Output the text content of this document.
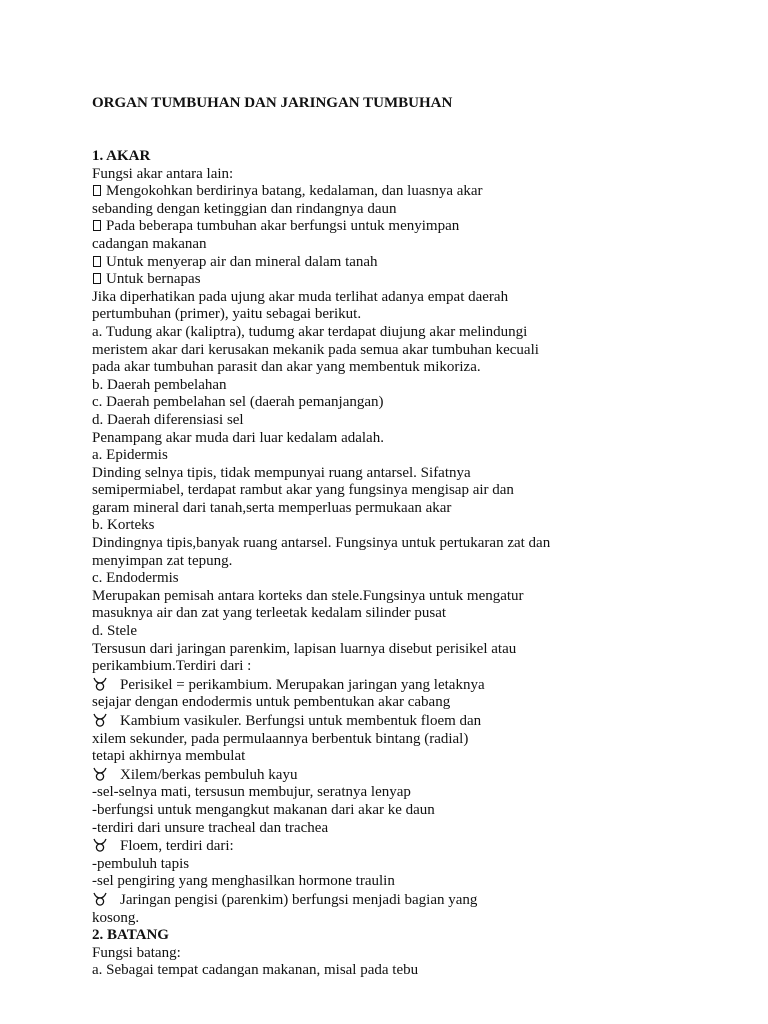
ORGAN TUMBUHAN DAN JARINGAN TUMBUHAN
1. AKAR
Fungsi akar antara lain:
Mengokohkan berdirinya batang, kedalaman, dan luasnya akar
sebanding dengan ketinggian dan rindangnya daun
Pada beberapa tumbuhan akar berfungsi untuk menyimpan
cadangan makanan
Untuk menyerap air dan mineral dalam tanah
Untuk bernapas
Jika diperhatikan pada ujung akar muda terlihat adanya empat daerah
pertumbuhan (primer), yaitu sebagai berikut.
a. Tudung akar (kaliptra), tudumg akar terdapat diujung akar melindungi
meristem akar dari kerusakan mekanik pada semua akar tumbuhan kecuali
pada akar tumbuhan parasit dan akar yang membentuk mikoriza.
b. Daerah pembelahan
c. Daerah pembelahan sel (daerah pemanjangan)
d. Daerah diferensiasi sel
Penampang akar muda dari luar kedalam adalah.
a. Epidermis
Dinding selnya tipis, tidak mempunyai ruang antarsel. Sifatnya
semipermiabel, terdapat rambut akar yang fungsinya mengisap air dan
garam mineral dari tanah,serta memperluas permukaan akar
b. Korteks
Dindingnya tipis,banyak ruang antarsel. Fungsinya untuk pertukaran zat dan
menyimpan zat tepung.
c. Endodermis
Merupakan pemisah antara korteks dan stele.Fungsinya untuk mengatur
masuknya air dan zat yang terleetak kedalam silinder pusat
d. Stele
Tersusun dari jaringan parenkim, lapisan luarnya disebut perisikel atau
perikambium.Terdiri dari :
Perisikel = perikambium. Merupakan jaringan yang letaknya
sejajar dengan endodermis untuk pembentukan akar cabang
Kambium vasikuler. Berfungsi untuk membentuk floem dan
xilem sekunder, pada permulaannya berbentuk bintang (radial)
tetapi akhirnya membulat
Xilem/berkas pembuluh kayu
-sel-selnya mati, tersusun membujur, seratnya lenyap
-berfungsi untuk mengangkut makanan dari akar ke daun
-terdiri dari unsure tracheal dan trachea
Floem, terdiri dari:
-pembuluh tapis
-sel pengiring yang menghasilkan hormone traulin
Jaringan pengisi (parenkim) berfungsi menjadi bagian yang
kosong.
2. BATANG
Fungsi batang:
a. Sebagai tempat cadangan makanan, misal pada tebu
